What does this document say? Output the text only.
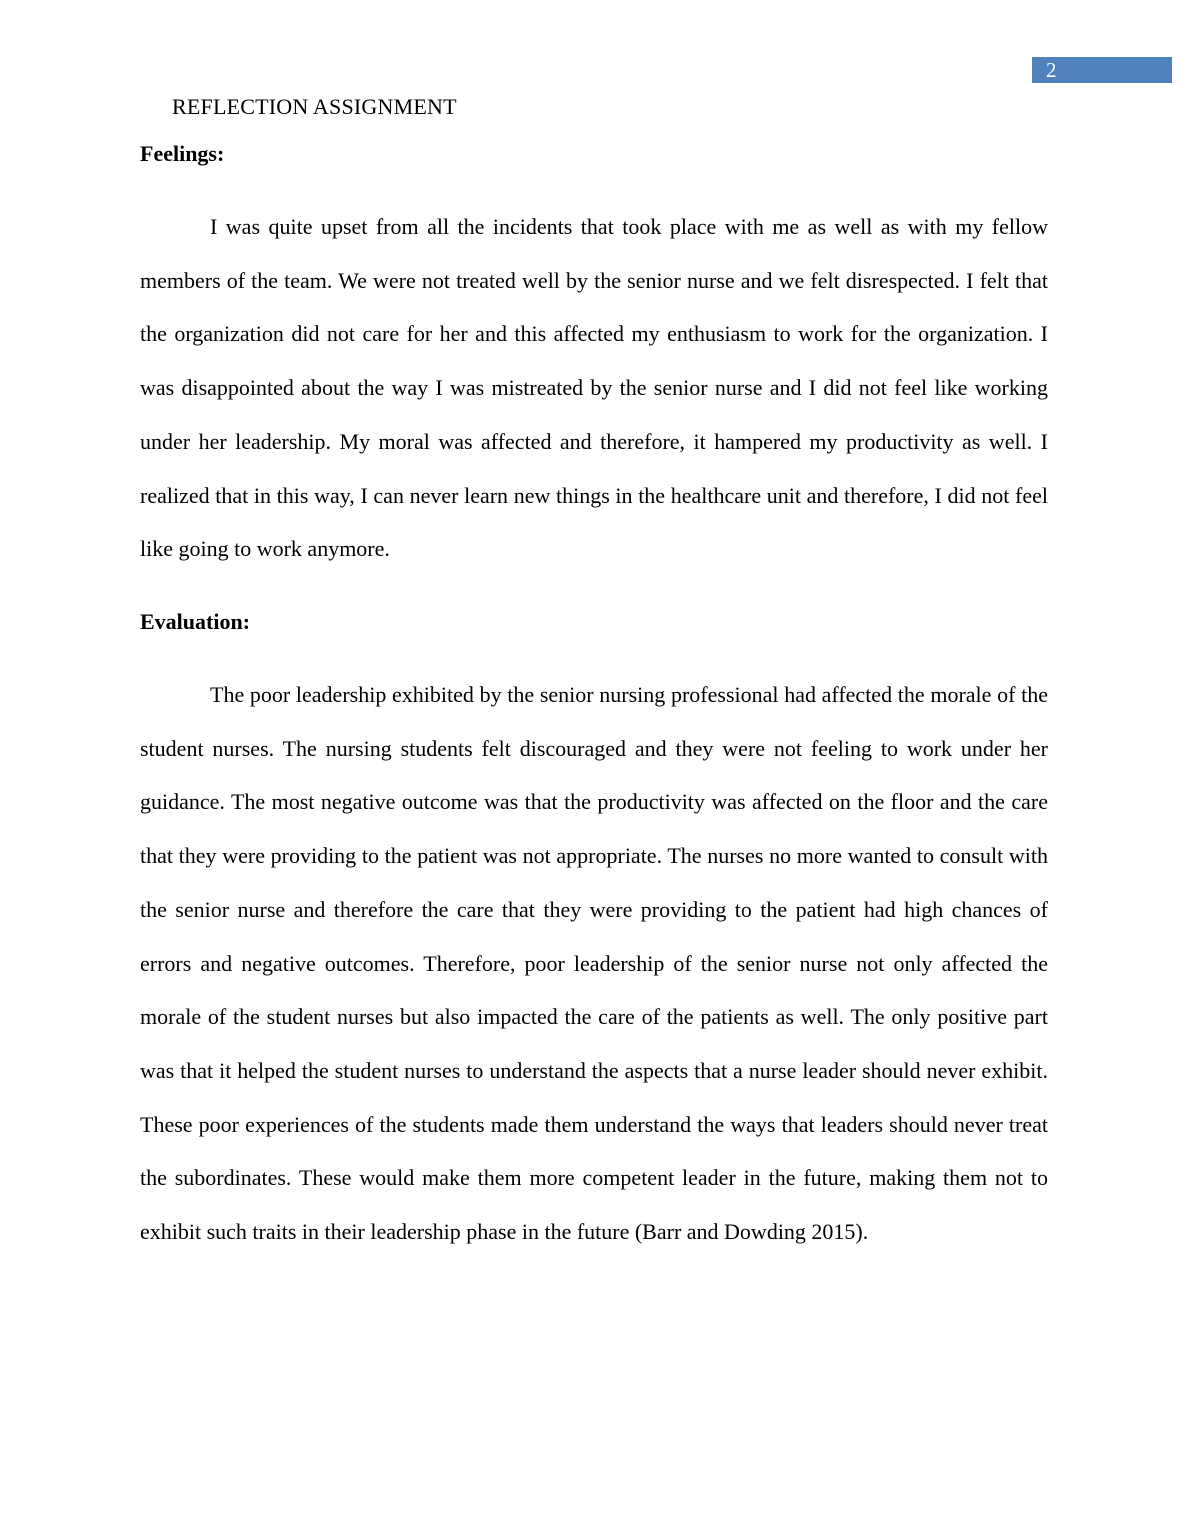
2
REFLECTION ASSIGNMENT
Feelings:

I was quite upset from all the incidents that took place with me as well as with my fellow members of the team. We were not treated well by the senior nurse and we felt disrespected. I felt that the organization did not care for her and this affected my enthusiasm to work for the organization. I was disappointed about the way I was mistreated by the senior nurse and I did not feel like working under her leadership. My moral was affected and therefore, it hampered my productivity as well. I realized that in this way, I can never learn new things in the healthcare unit and therefore, I did not feel like going to work anymore.

Evaluation:

The poor leadership exhibited by the senior nursing professional had affected the morale of the student nurses. The nursing students felt discouraged and they were not feeling to work under her guidance. The most negative outcome was that the productivity was affected on the floor and the care that they were providing to the patient was not appropriate. The nurses no more wanted to consult with the senior nurse and therefore the care that they were providing to the patient had high chances of errors and negative outcomes. Therefore, poor leadership of the senior nurse not only affected the morale of the student nurses but also impacted the care of the patients as well. The only positive part was that it helped the student nurses to understand the aspects that a nurse leader should never exhibit. These poor experiences of the students made them understand the ways that leaders should never treat the subordinates. These would make them more competent leader in the future, making them not to exhibit such traits in their leadership phase in the future (Barr and Dowding 2015).
